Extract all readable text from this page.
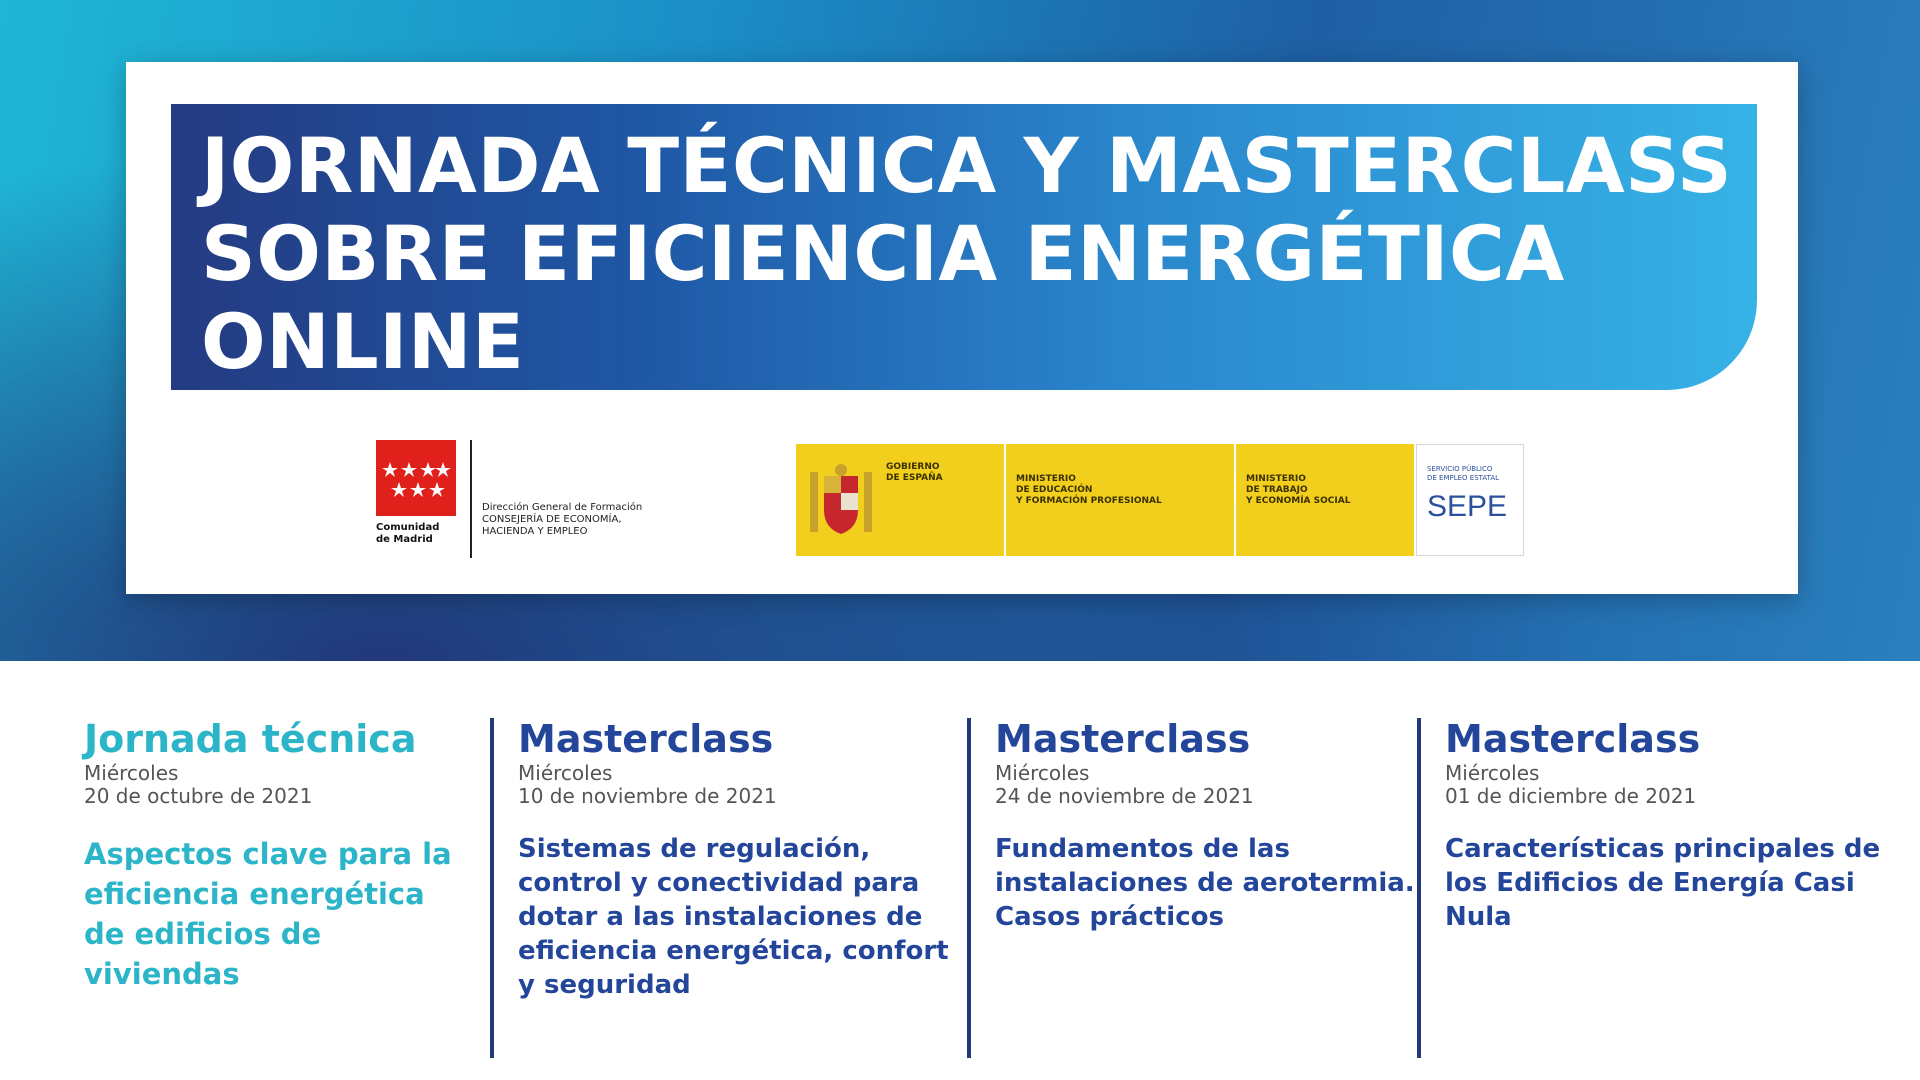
JORNADA TÉCNICA Y MASTERCLASS
SOBRE EFICIENCIA ENERGÉTICA
ONLINE
Comunidad
de Madrid
Dirección General de Formación
CONSEJERÍA DE ECONOMÍA,
HACIENDA Y EMPLEO
GOBIERNO
DE ESPAÑA	MINISTERIO
DE EDUCACIÓN
Y FORMACIÓN PROFESIONAL
MINISTERIO
DE TRABAJO
Y ECONOMÍA SOCIAL
SERVICIO PÚBLICO
DE EMPLEO ESTATAL
SEPE
Jornada técnica
Miércoles
20 de octubre de 2021
Aspectos clave para la eficiencia energética de edificios de viviendas
Masterclass
Miércoles
10 de noviembre de 2021
Sistemas de regulación, control y conectividad para dotar a las instalaciones de eficiencia energética, confort y seguridad
Masterclass
Miércoles
24 de noviembre de 2021
Fundamentos de las instalaciones de aerotermia. Casos prácticos
Masterclass
Miércoles
01 de diciembre de 2021
Características principales de los Edificios de Energía Casi Nula
